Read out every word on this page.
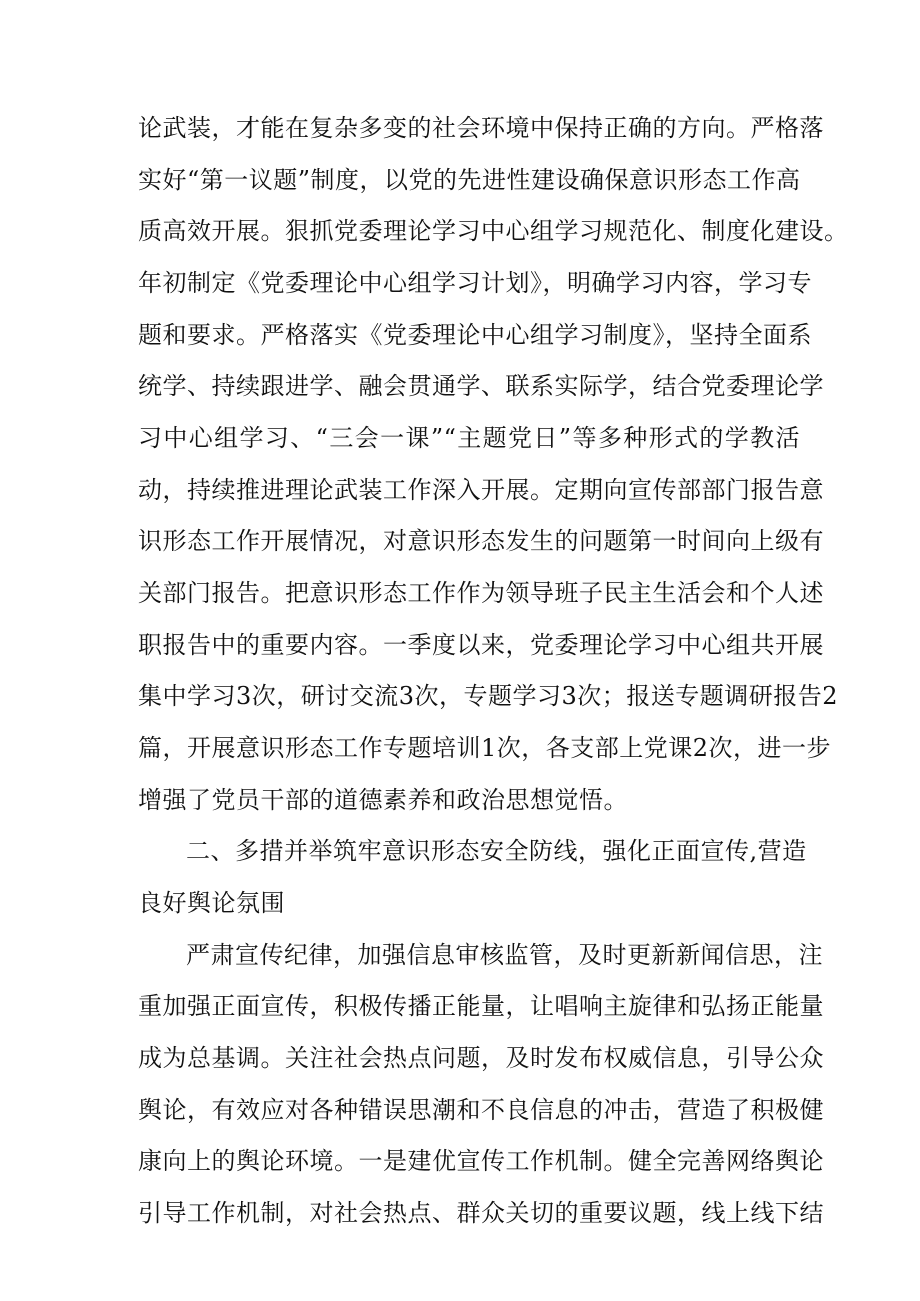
论武装，才能在复杂多变的社会环境中保持正确的方向。严格落
实好“第一议题”制度，以党的先进性建设确保意识形态工作高
质高效开展。狠抓党委理论学习中心组学习规范化、制度化建设。
年初制定《党委理论中心组学习计划》，明确学习内容，学习专
题和要求。严格落实《党委理论中心组学习制度》，坚持全面系
统学、持续跟进学、融会贯通学、联系实际学，结合党委理论学
习中心组学习、“三会一课”“主题党日”等多种形式的学教活
动，持续推进理论武装工作深入开展。定期向宣传部部门报告意
识形态工作开展情况，对意识形态发生的问题第一时间向上级有
关部门报告。把意识形态工作作为领导班子民主生活会和个人述
职报告中的重要内容。一季度以来，党委理论学习中心组共开展
集中学习3次，研讨交流3次，专题学习3次；报送专题调研报告2
篇，开展意识形态工作专题培训1次，各支部上党课2次，进一步
增强了党员干部的道德素养和政治思想觉悟。
二、多措并举筑牢意识形态安全防线，强化正面宣传,营造
良好舆论氛围
严肃宣传纪律，加强信息审核监管，及时更新新闻信思，注
重加强正面宣传，积极传播正能量，让唱响主旋律和弘扬正能量
成为总基调。关注社会热点问题，及时发布权威信息，引导公众
舆论，有效应对各种错误思潮和不良信息的冲击，营造了积极健
康向上的舆论环境。一是建优宣传工作机制。健全完善网络舆论
引导工作机制，对社会热点、群众关切的重要议题，线上线下结
